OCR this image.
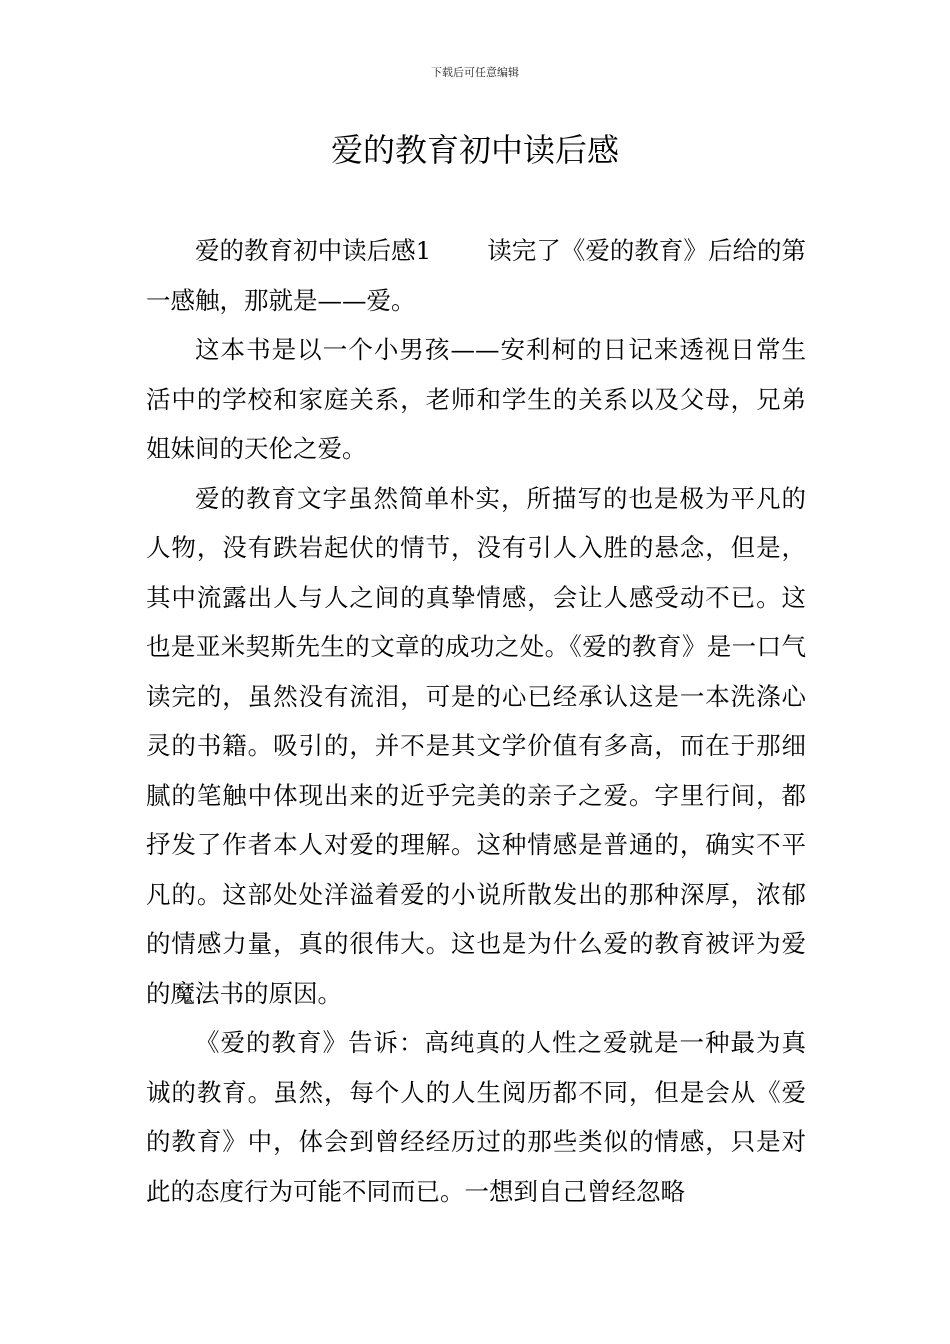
下载后可任意编辑
爱的教育初中读后感

爱的教育初中读后感1 读完了《爱的教育》后给的第一感触，那就是——爱。

这本书是以一个小男孩——安利柯的日记来透视日常生活中的学校和家庭关系，老师和学生的关系以及父母，兄弟姐妹间的天伦之爱。

爱的教育文字虽然简单朴实，所描写的也是极为平凡的人物，没有跌岩起伏的情节，没有引人入胜的悬念，但是，其中流露出人与人之间的真挚情感，会让人感受动不已。这也是亚米契斯先生的文章的成功之处。《爱的教育》是一口气读完的，虽然没有流泪，可是的心已经承认这是一本洗涤心灵的书籍。吸引的，并不是其文学价值有多高，而在于那细腻的笔触中体现出来的近乎完美的亲子之爱。字里行间，都抒发了作者本人对爱的理解。这种情感是普通的，确实不平凡的。这部处处洋溢着爱的小说所散发出的那种深厚，浓郁的情感力量，真的很伟大。这也是为什么爱的教育被评为爱的魔法书的原因。

《爱的教育》告诉：高纯真的人性之爱就是一种最为真诚的教育。虽然，每个人的人生阅历都不同，但是会从《爱的教育》中，体会到曾经经历过的那些类似的情感，只是对此的态度行为可能不同而已。一想到自己曾经忽略
